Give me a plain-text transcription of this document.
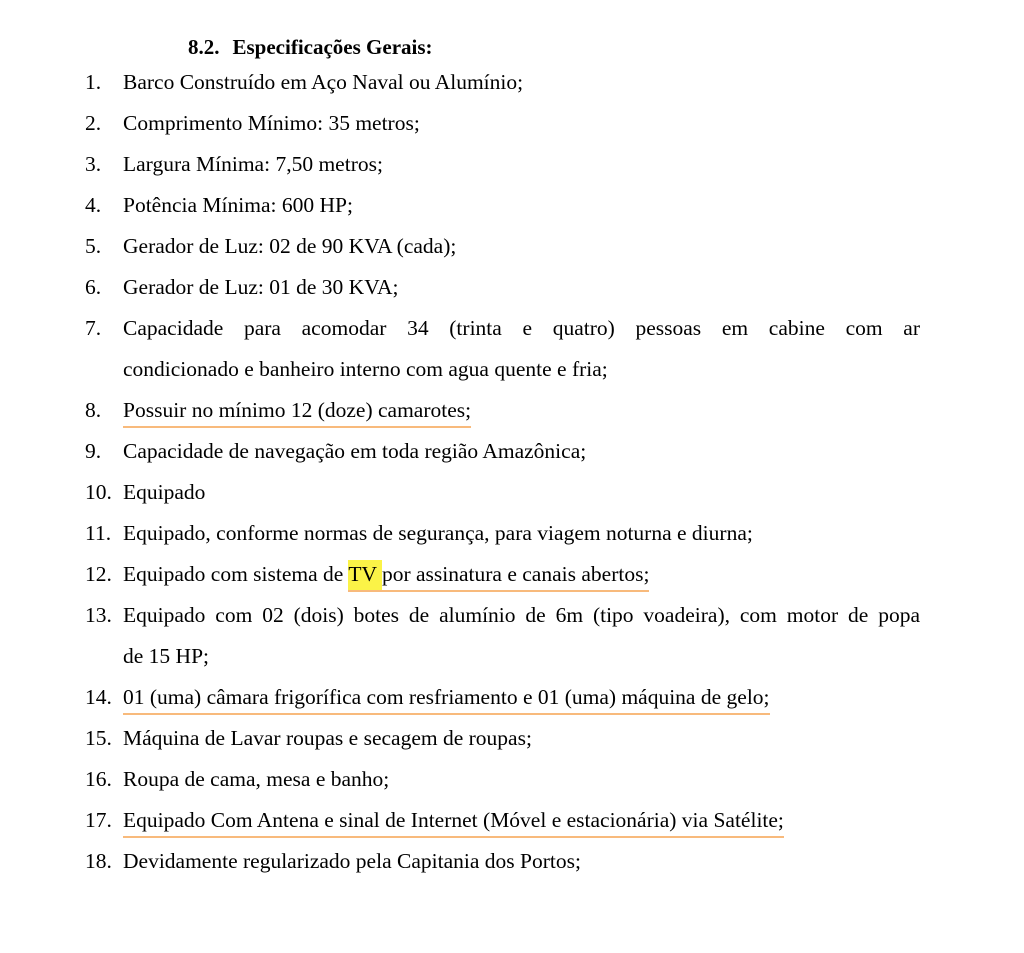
8.2. Especificações Gerais:
1. Barco Construído em Aço Naval ou Alumínio;
2. Comprimento Mínimo: 35 metros;
3. Largura Mínima: 7,50 metros;
4. Potência Mínima: 600 HP;
5. Gerador de Luz: 02 de 90 KVA (cada);
6. Gerador de Luz: 01 de 30 KVA;
7. Capacidade para acomodar 34 (trinta e quatro) pessoas em cabine com ar
condicionado e banheiro interno com agua quente e fria;
8. Possuir no mínimo 12 (doze) camarotes;
9. Capacidade de navegação em toda região Amazônica;
10. Equipado
11. Equipado, conforme normas de segurança, para viagem noturna e diurna;
12. Equipado com sistema de TV por assinatura e canais abertos;
13. Equipado com 02 (dois) botes de alumínio de 6m (tipo voadeira), com motor de popa
de 15 HP;
14. 01 (uma) câmara frigorífica com resfriamento e 01 (uma) máquina de gelo;
15. Máquina de Lavar roupas e secagem de roupas;
16. Roupa de cama, mesa e banho;
17. Equipado Com Antena e sinal de Internet (Móvel e estacionária) via Satélite;
18. Devidamente regularizado pela Capitania dos Portos;
